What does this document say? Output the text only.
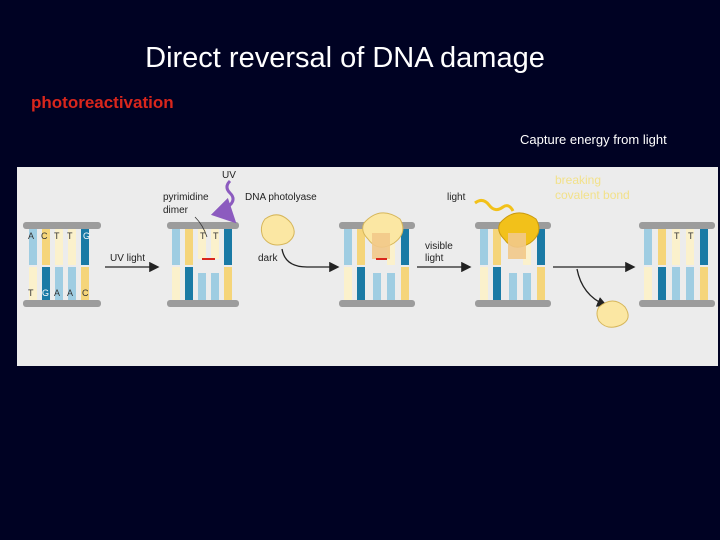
Direct reversal of DNA damage
photoreactivation
Capture energy from light
A C T T G
T G A A C
UV light
T T
UV
pyrimidine
dimer
DNA photolyase
dark
visible
light
light
T T
breaking
covalent bond
